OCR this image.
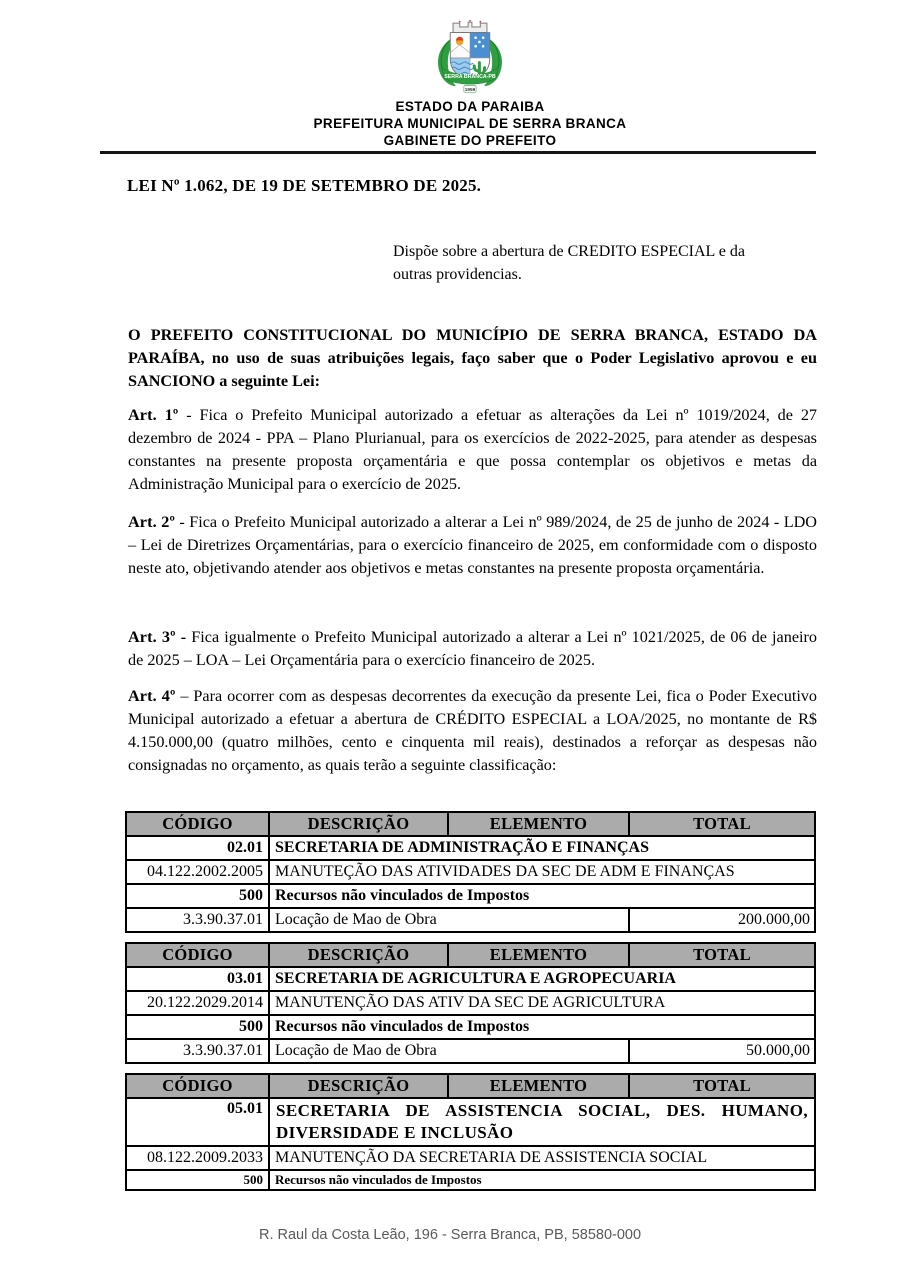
SERRA BRANCA-PB
1959
ESTADO DA PARAIBA
PREFEITURA MUNICIPAL DE SERRA BRANCA
GABINETE DO PREFEITO
LEI Nº 1.062, DE 19 DE SETEMBRO DE 2025.
Dispõe sobre a abertura de CREDITO ESPECIAL e da
outras providencias.

O PREFEITO CONSTITUCIONAL DO MUNICÍPIO DE SERRA BRANCA, ESTADO DA PARAÍBA, no uso de suas atribuições legais, faço saber que o Poder Legislativo aprovou e eu SANCIONO a seguinte Lei:

Art. 1º - Fica o Prefeito Municipal autorizado a efetuar as alterações da Lei nº 1019/2024, de 27 dezembro de 2024 - PPA – Plano Plurianual, para os exercícios de 2022-2025, para atender as despesas constantes na presente proposta orçamentária e que possa contemplar os objetivos e metas da Administração Municipal para o exercício de 2025.

Art. 2º - Fica o Prefeito Municipal autorizado a alterar a Lei nº 989/2024, de 25 de junho de 2024 - LDO – Lei de Diretrizes Orçamentárias, para o exercício financeiro de 2025, em conformidade com o disposto neste ato, objetivando atender aos objetivos e metas constantes na presente proposta orçamentária.

Art. 3º - Fica igualmente o Prefeito Municipal autorizado a alterar a Lei nº 1021/2025, de 06 de janeiro de 2025 – LOA – Lei Orçamentária para o exercício financeiro de 2025.

Art. 4º – Para ocorrer com as despesas decorrentes da execução da presente Lei, fica o Poder Executivo Municipal autorizado a efetuar a abertura de CRÉDITO ESPECIAL a LOA/2025, no montante de R$ 4.150.000,00 (quatro milhões, cento e cinquenta mil reais), destinados a reforçar as despesas não consignadas no orçamento, as quais terão a seguinte classificação:

CÓDIGO	DESCRIÇÃO	ELEMENTO	TOTAL
02.01	SECRETARIA DE ADMINISTRAÇÃO E FINANÇAS		
04.122.2002.2005	MANUTEÇÃO DAS ATIVIDADES DA SEC DE ADM E FINANÇAS		
500	Recursos não vinculados de Impostos		
3.3.90.37.01	Locação de Mao de Obra		200.000,00
CÓDIGO	DESCRIÇÃO	ELEMENTO	TOTAL
03.01	SECRETARIA DE AGRICULTURA E AGROPECUARIA		
20.122.2029.2014	MANUTENÇÃO DAS ATIV DA SEC DE AGRICULTURA		
500	Recursos não vinculados de Impostos		
3.3.90.37.01	Locação de Mao de Obra		50.000,00
CÓDIGO	DESCRIÇÃO	ELEMENTO	TOTAL
05.01	SECRETARIA DE ASSISTENCIA SOCIAL, DES. HUMANO, DIVERSIDADE E INCLUSÃO		
08.122.2009.2033	MANUTENÇÃO DA SECRETARIA DE ASSISTENCIA SOCIAL		
500	Recursos não vinculados de Impostos		
R. Raul da Costa Leão, 196 - Serra Branca, PB, 58580-000
